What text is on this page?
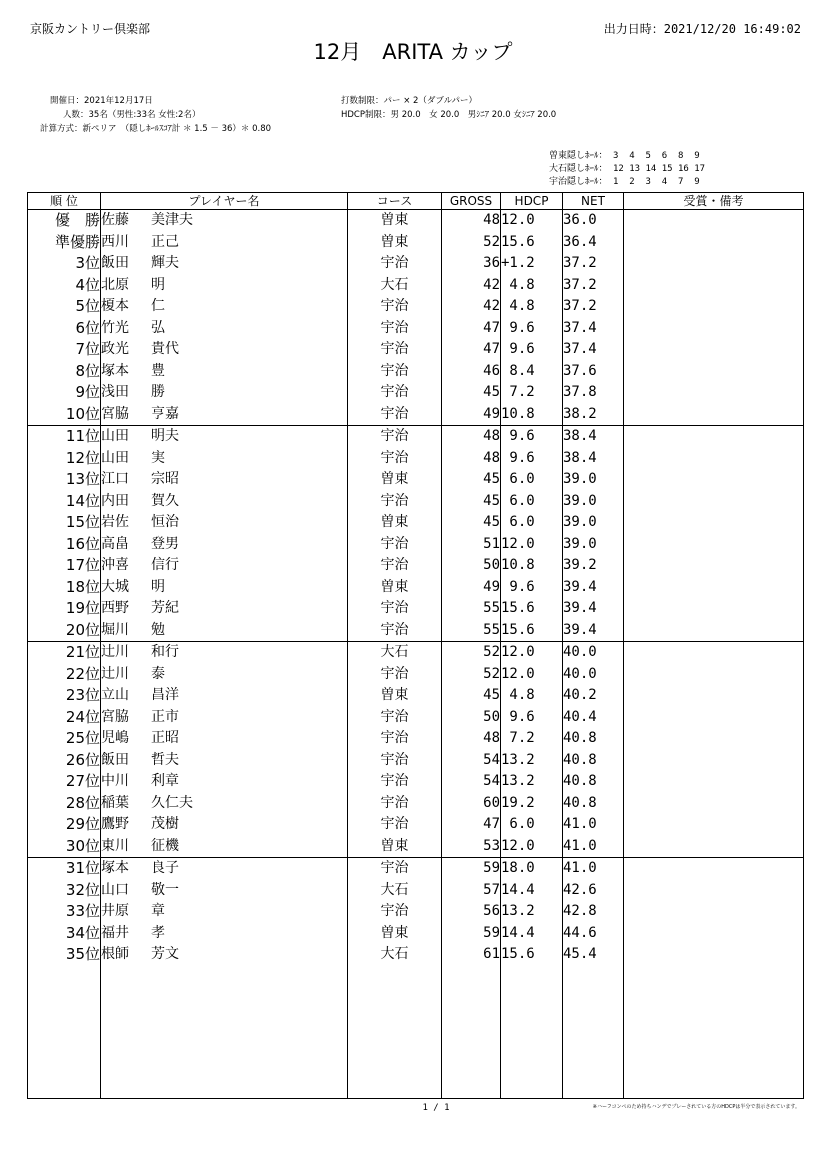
京阪カントリー倶楽部	出力日時：2021/12/20 16:49:02
12月　ARITA カップ
開催日：2021年12月17日
人数：35名（男性:33名 女性:2名）
計算方式：新ペリア　（隠しﾎｰﾙｽｺｱ計 ＊ 1.5 － 36）＊ 0.80
打数制限：パー × 2（ダブルパー）
HDCP制限：男 20.0　女 20.0　男ｼﾆｱ 20.0 女ｼﾆｱ 20.0
曽東隠しﾎｰﾙ： 3  4  5  6  8  9
大石隠しﾎｰﾙ： 12 13 14 15 16 17
宇治隠しﾎｰﾙ： 1  2  3  4  7  9
順 位	プレイヤー名	コース	GROSS	HDCP	NET	受賞・備考
優　勝	佐藤 美津夫	曽東	48	12.0	36.0	
準優勝	西川 正己	曽東	52	15.6	36.4	
3位	飯田 輝夫	宇治	36	+1.2	37.2	
4位	北原 明	大石	42	4.8	37.2	
5位	榎本 仁	宇治	42	4.8	37.2	
6位	竹光 弘	宇治	47	9.6	37.4	
7位	政光 貴代	宇治	47	9.6	37.4	
8位	塚本 豊	宇治	46	8.4	37.6	
9位	浅田 勝	宇治	45	7.2	37.8	
10位	宮脇 亨嘉	宇治	49	10.8	38.2	
11位	山田 明夫	宇治	48	9.6	38.4	
12位	山田 実	宇治	48	9.6	38.4	
13位	江口 宗昭	曽東	45	6.0	39.0	
14位	内田 賀久	宇治	45	6.0	39.0	
15位	岩佐 恒治	曽東	45	6.0	39.0	
16位	高畠 登男	宇治	51	12.0	39.0	
17位	沖喜 信行	宇治	50	10.8	39.2	
18位	大城 明	曽東	49	9.6	39.4	
19位	西野 芳紀	宇治	55	15.6	39.4	
20位	堀川 勉	宇治	55	15.6	39.4	
21位	辻川 和行	大石	52	12.0	40.0	
22位	辻川 泰	宇治	52	12.0	40.0	
23位	立山 昌洋	曽東	45	4.8	40.2	
24位	宮脇 正市	宇治	50	9.6	40.4	
25位	児嶋 正昭	宇治	48	7.2	40.8	
26位	飯田 哲夫	宇治	54	13.2	40.8	
27位	中川 利章	宇治	54	13.2	40.8	
28位	稲葉 久仁夫	宇治	60	19.2	40.8	
29位	鷹野 茂樹	宇治	47	6.0	41.0	
30位	東川 征機	曽東	53	12.0	41.0	
31位	塚本 良子	宇治	59	18.0	41.0	
32位	山口 敬一	大石	57	14.4	42.6	
33位	井原 章	宇治	56	13.2	42.8	
34位	福井 孝	曽東	59	14.4	44.6	
35位	根師 芳文	大石	61	15.6	45.4	

1 / 1	※ハーフコンペのため持ちハンデでプレーされている方のHDCPは半分で表示されています。
